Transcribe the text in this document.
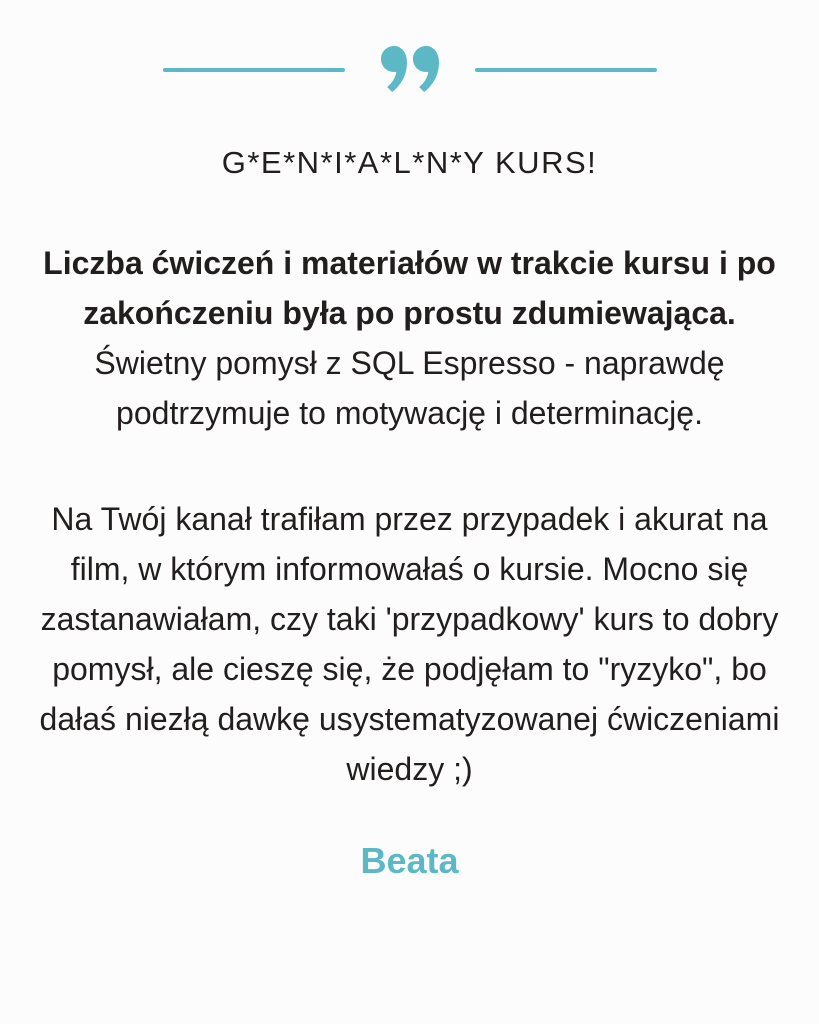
G*E*N*I*A*L*N*Y KURS!

Liczba ćwiczeń i materiałów w trakcie kursu i po zakończeniu była po prostu zdumiewająca. Świetny pomysł z SQL Espresso - naprawdę podtrzymuje to motywację i determinację.

Na Twój kanał trafiłam przez przypadek i akurat na film, w którym informowałaś o kursie. Mocno się zastanawiałam, czy taki 'przypadkowy' kurs to dobry pomysł, ale cieszę się, że podjęłam to "ryzyko", bo dałaś niezłą dawkę usystematyzowanej ćwiczeniami wiedzy ;)

Beata
